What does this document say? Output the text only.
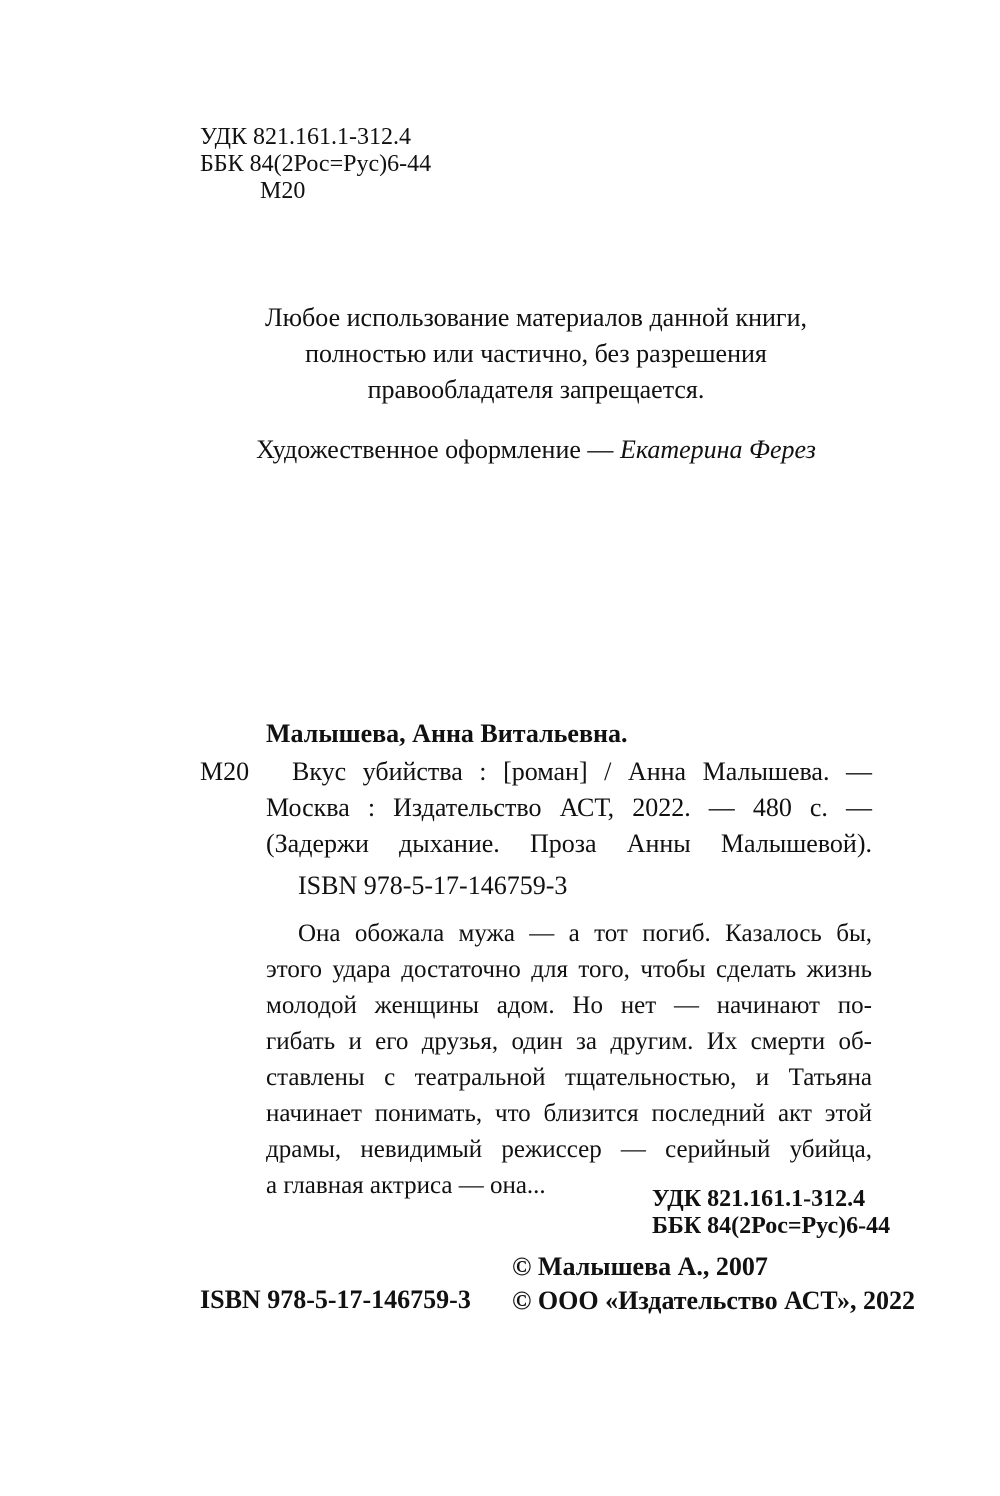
УДК 821.161.1-312.4
ББК 84(2Рос=Рус)6-44
М20
Любое использование материалов данной книги,
полностью или частично, без разрешения
правообладателя запрещается.
Художественное оформление — Екатерина Ферез
Малышева, Анна Витальевна.
М20	Вкус убийства : [роман] / Анна Малышева. —
Москва : Издательство АСТ, 2022. — 480 с. —
(Задержи дыхание. Проза Анны Малышевой).
ISBN 978-5-17-146759-3
Она обожала мужа — а тот погиб. Казалось бы,
этого удара достаточно для того, чтобы сделать жизнь
молодой женщины адом. Но нет — начинают по-
гибать и его друзья, один за другим. Их смерти об-
ставлены с театральной тщательностью, и Татьяна
начинает понимать, что близится последний акт этой
драмы, невидимый режиссер — серийный убийца,
а главная актриса — она...	УДК 821.161.1-312.4
ББК 84(2Рос=Рус)6-44
ISBN 978-5-17-146759-3
© Малышева А., 2007
© ООО «Издательство АСТ», 2022
